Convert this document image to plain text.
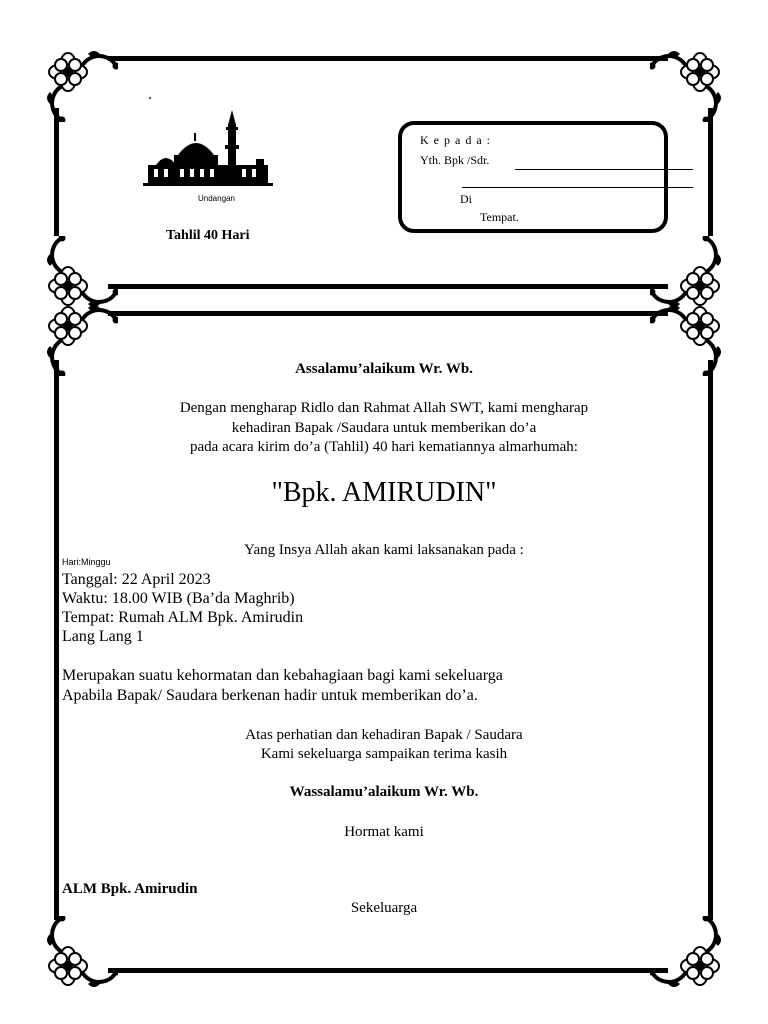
.
Undangan
Tahlil 40 Hari
K e p a d a :
Yth. Bpk /Sdr.
Di
Tempat.
Assalamu’alaikum Wr. Wb.
Dengan mengharap Ridlo dan Rahmat Allah SWT, kami mengharap
kehadiran Bapak /Saudara untuk memberikan do’a
pada acara kirim do’a (Tahlil) 40 hari kematiannya almarhumah:
"Bpk. AMIRUDIN"
Yang Insya Allah akan kami laksanakan pada :
Hari:Minggu
Tanggal: 22 April 2023
Waktu: 18.00 WIB (Ba’da Maghrib)
Tempat: Rumah ALM Bpk. Amirudin
Lang Lang 1
Merupakan suatu kehormatan dan kebahagiaan bagi kami sekeluarga
Apabila Bapak/ Saudara berkenan hadir untuk memberikan do’a.
Atas perhatian dan kehadiran Bapak / Saudara
Kami sekeluarga sampaikan terima kasih
Wassalamu’alaikum Wr. Wb.
Hormat kami
ALM Bpk. Amirudin
Sekeluarga
